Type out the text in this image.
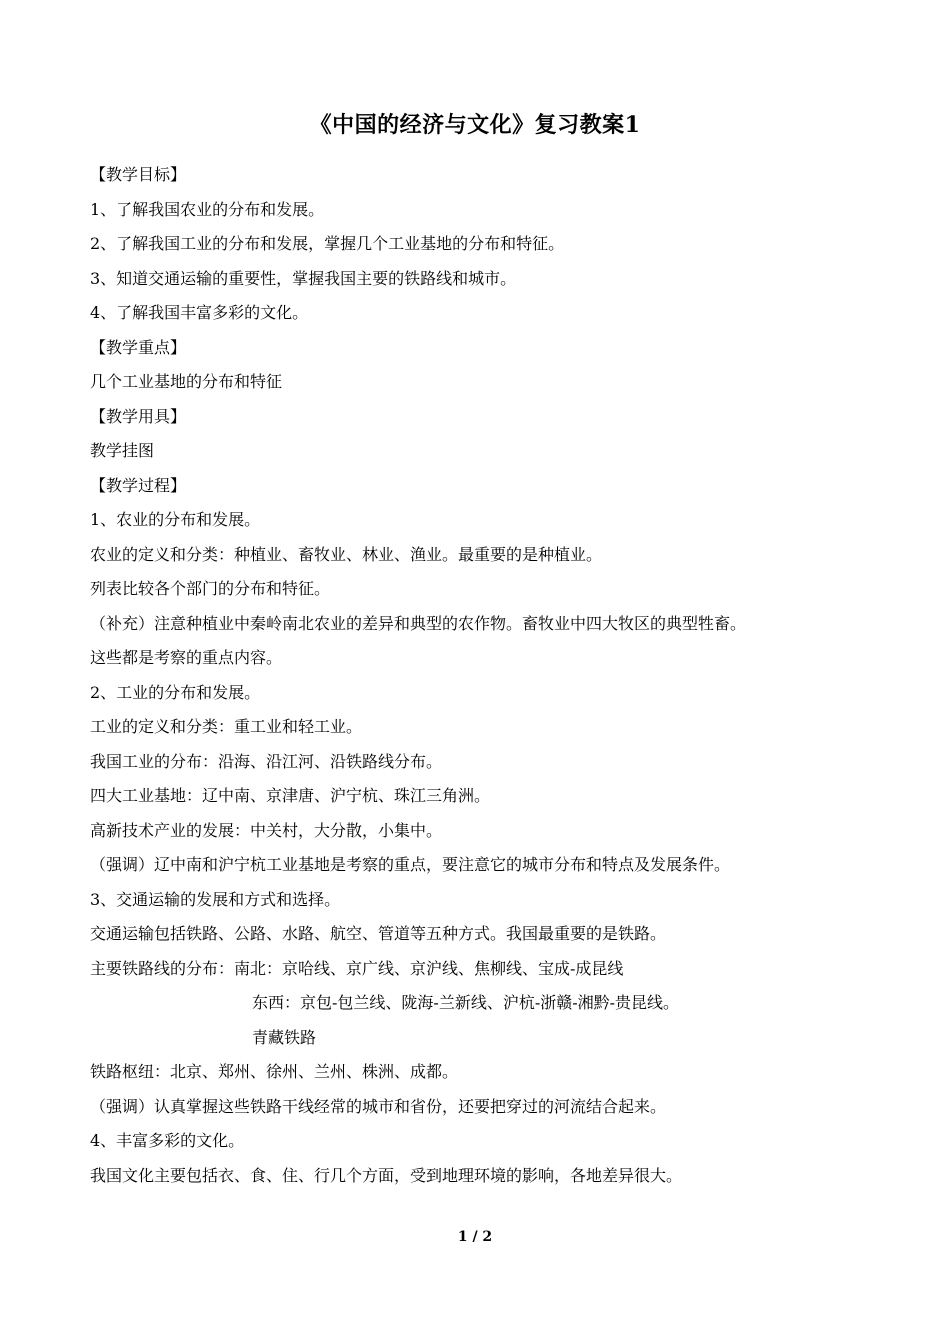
《中国的经济与文化》复习教案1
【教学目标】
1、了解我国农业的分布和发展。
2、了解我国工业的分布和发展，掌握几个工业基地的分布和特征。
3、知道交通运输的重要性，掌握我国主要的铁路线和城市。
4、了解我国丰富多彩的文化。
【教学重点】
几个工业基地的分布和特征
【教学用具】
教学挂图
【教学过程】
1、农业的分布和发展。
农业的定义和分类：种植业、畜牧业、林业、渔业。最重要的是种植业。
列表比较各个部门的分布和特征。
（补充）注意种植业中秦岭南北农业的差异和典型的农作物。畜牧业中四大牧区的典型牲畜。
这些都是考察的重点内容。
2、工业的分布和发展。
工业的定义和分类：重工业和轻工业。
我国工业的分布：沿海、沿江河、沿铁路线分布。
四大工业基地：辽中南、京津唐、沪宁杭、珠江三角洲。
高新技术产业的发展：中关村，大分散，小集中。
（强调）辽中南和沪宁杭工业基地是考察的重点，要注意它的城市分布和特点及发展条件。
3、交通运输的发展和方式和选择。
交通运输包括铁路、公路、水路、航空、管道等五种方式。我国最重要的是铁路。
主要铁路线的分布：南北：京哈线、京广线、京沪线、焦柳线、宝成-成昆线
东西：京包-包兰线、陇海-兰新线、沪杭-浙赣-湘黔-贵昆线。
青藏铁路
铁路枢纽：北京、郑州、徐州、兰州、株洲、成都。
（强调）认真掌握这些铁路干线经常的城市和省份，还要把穿过的河流结合起来。
4、丰富多彩的文化。
我国文化主要包括衣、食、住、行几个方面，受到地理环境的影响，各地差异很大。
1 / 2
